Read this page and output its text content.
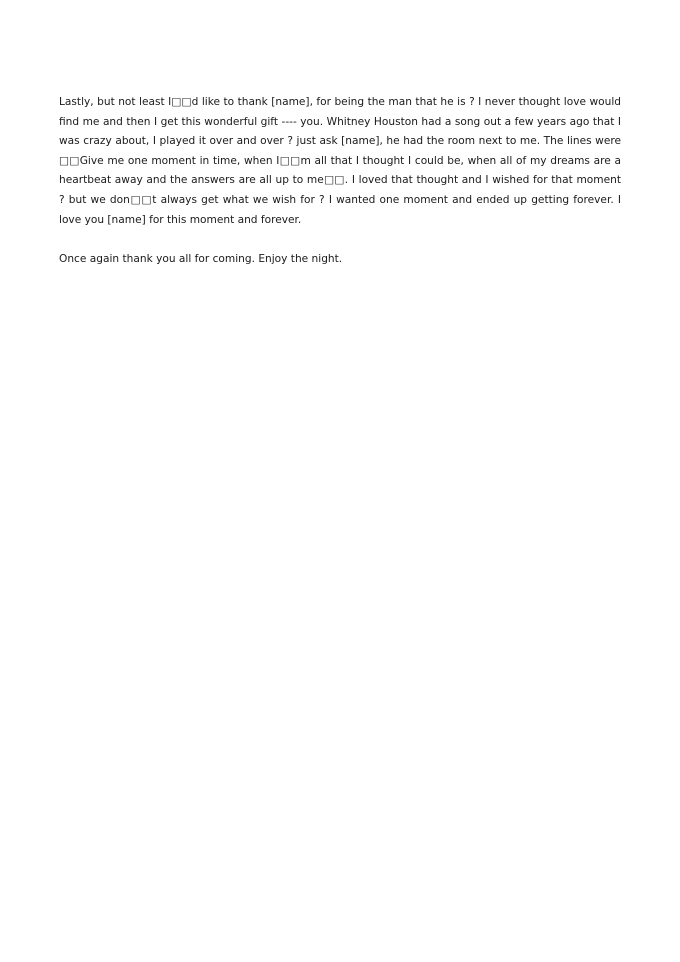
Lastly, but not least I□□d like to thank [name], for being the man that he is ? I never thought love would find me and then I get this wonderful gift ---- you. Whitney Houston had a song out a few years ago that I was crazy about, I played it over and over ? just ask [name], he had the room next to me. The lines were □□Give me one moment in time, when I□□m all that I thought I could be, when all of my dreams are a heartbeat away and the answers are all up to me□□. I loved that thought and I wished for that moment ? but we don□□t always get what we wish for ? I wanted one moment and ended up getting forever. I love you [name] for this moment and forever.

Once again thank you all for coming. Enjoy the night.
